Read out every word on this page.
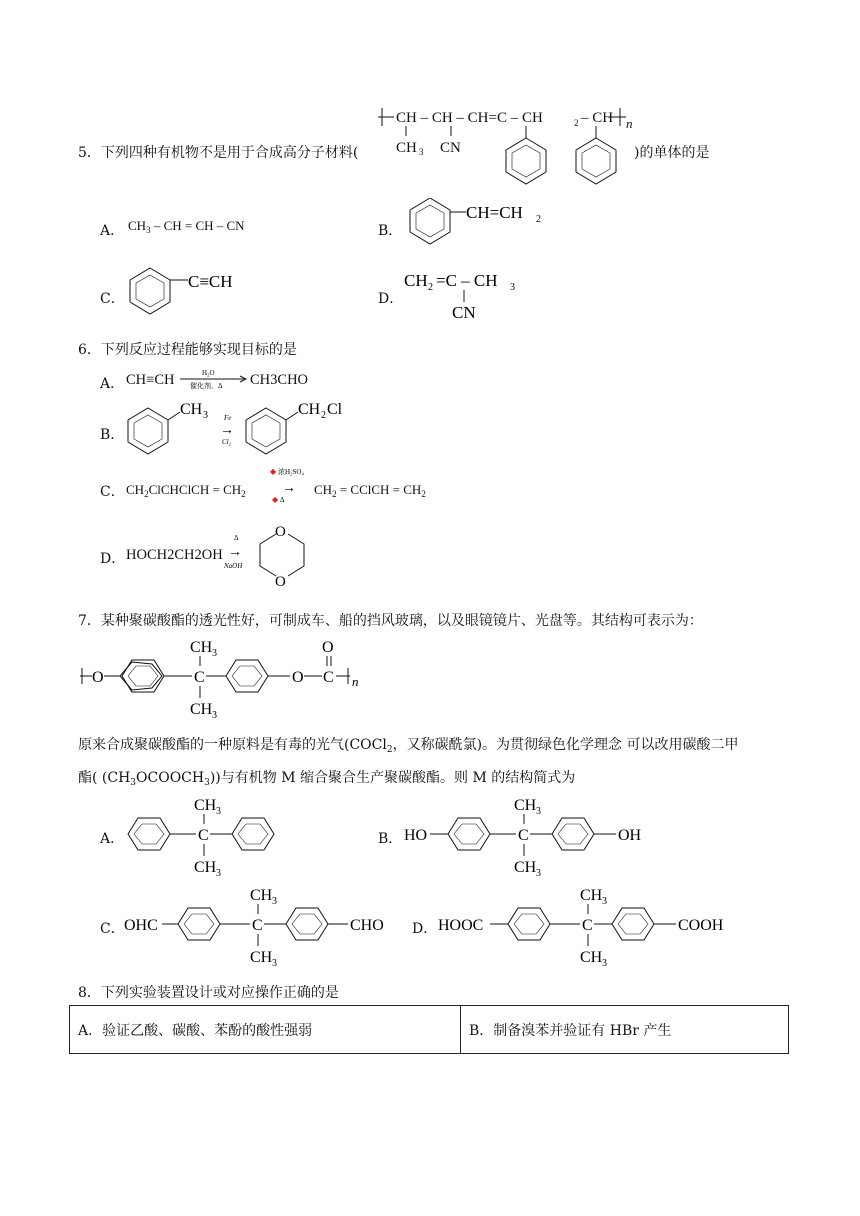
5．下列四种有机物不是用于合成高分子材料(
CH – CH – CH=C – CH	2 – CH n
CH 3 CN	)的单体的是
A． $CH_3$ – CH = CH – CN	B．
CH=CH 2
C．
C≡CH
D．
CH 2 =C – CH 3
CN
6．下列反应过程能够实现目标的是
A． CH≡CH	H₂O
催化剂，Δ CH3CHO
B．
CH 3 Fe
→
Cl₂
CH 2 Cl
C． $CH_2ClCHClCH = CH_2$
◆ 浓H₂SO₄
→
◆ Δ
$CH_2$ = CClCH = $CH_2$
D． HOCH2CH2OH
Δ
→
NaOH
O
O
7．某种聚碳酸酯的透光性好，可制成车、船的挡风玻璃，以及眼镜镜片、光盘等。其结构可表示为：
O	C
CH 3
CH 3
O C
O
n
原来合成聚碳酸酯的一种原料是有毒的光气(COCl$_2$，又称碳酰氯)。为贯彻绿色化学理念 可以改用碳酸二甲
酯( $(CH_3OCOOCH_3)$)与有机物 M 缩合聚合生产聚碳酸酯。则 M 的结构简式为
A．	C
CH 3
CH 3
B． HO	C
CH 3
CH 3
OH
C． OHC	C
CH 3
CH 3
CHO D． HOOC	C
CH 3
CH 3
COOH
8．下列实验装置设计或对应操作正确的是
A．验证乙酸、碳酸、苯酚的酸性强弱	B．制备溴苯并验证有 HBr 产生
